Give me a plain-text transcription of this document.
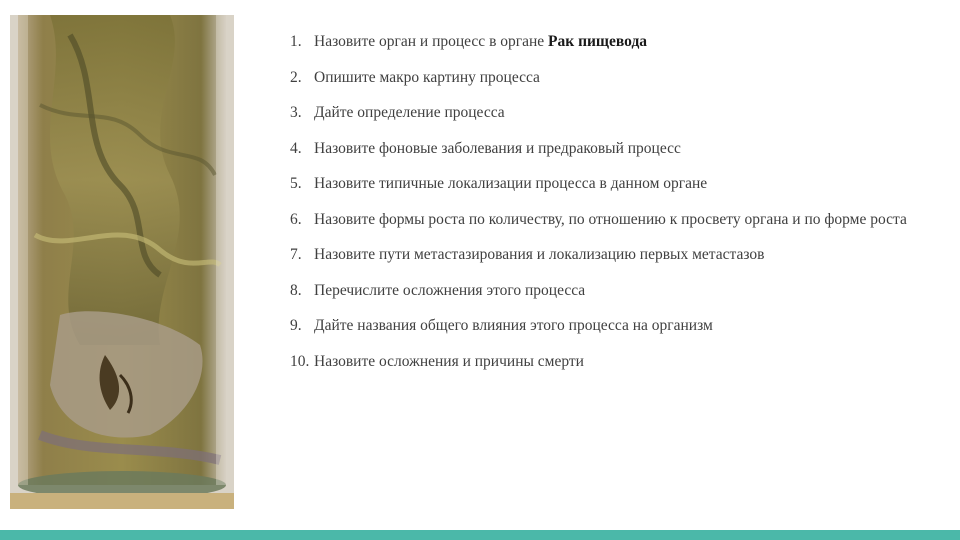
1. Назовите орган и процесс в органе Рак пищевода
2. Опишите макро картину процесса
3. Дайте определение процесса
4. Назовите фоновые заболевания и предраковый процесс
5. Назовите типичные локализации процесса в данном органе
6. Назовите формы роста по количеству, по отношению к просвету органа и по форме роста
7. Назовите пути метастазирования и локализацию первых метастазов
8. Перечислите осложнения этого процесса
9. Дайте названия общего влияния этого процесса на организм
10. Назовите осложнения и причины смерти
